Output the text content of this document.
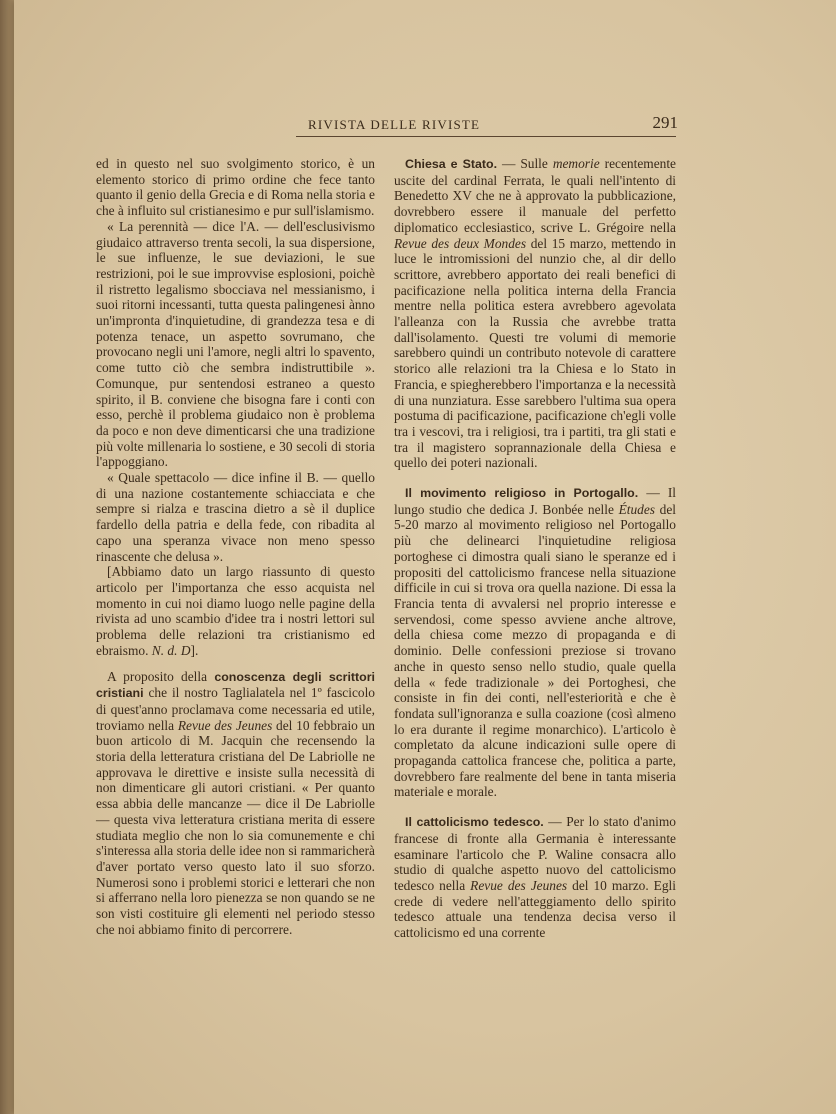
RIVISTA DELLE RIVISTE	291

ed in questo nel suo svolgimento storico, è un elemento storico di primo ordine che fece tanto quanto il genio della Grecia e di Roma nella storia e che à influito sul cristianesimo e pur sull'islamismo.

« La perennità — dice l'A. — dell'esclusivismo giudaico attraverso trenta secoli, la sua dispersione, le sue influenze, le sue deviazioni, le sue restrizioni, poi le sue improvvise esplosioni, poichè il ristretto legalismo sbocciava nel messianismo, i suoi ritorni incessanti, tutta questa palingenesi ànno un'impronta d'inquietudine, di grandezza tesa e di potenza tenace, un aspetto sovrumano, che provocano negli uni l'amore, negli altri lo spavento, come tutto ciò che sembra indistruttibile ». Comunque, pur sentendosi estraneo a questo spirito, il B. conviene che bisogna fare i conti con esso, perchè il problema giudaico non è problema da poco e non deve dimenticarsi che una tradizione più volte millenaria lo sostiene, e 30 secoli di storia l'appoggiano.

« Quale spettacolo — dice infine il B. — quello di una nazione costantemente schiacciata e che sempre si rialza e trascina dietro a sè il duplice fardello della patria e della fede, con ribadita al capo una speranza vivace non meno spesso rinascente che delusa ».

[Abbiamo dato un largo riassunto di questo articolo per l'importanza che esso acquista nel momento in cui noi diamo luogo nelle pagine della rivista ad uno scambio d'idee tra i nostri lettori sul problema delle relazioni tra cristianismo ed ebraismo. N. d. D].

A proposito della conoscenza degli scrittori cristiani che il nostro Taglialatela nel 1º fascicolo di quest'anno proclamava come necessaria ed utile, troviamo nella Revue des Jeunes del 10 febbraio un buon articolo di M. Jacquin che recensendo la storia della letteratura cristiana del De Labriolle ne approvava le direttive e insiste sulla necessità di non dimenticare gli autori cristiani. « Per quanto essa abbia delle mancanze — dice il De Labriolle — questa viva letteratura cristiana merita di essere studiata meglio che non lo sia comunemente e chi s'interessa alla storia delle idee non si rammaricherà d'aver portato verso questo lato il suo sforzo. Numerosi sono i problemi storici e letterari che non si afferrano nella loro pienezza se non quando se ne son visti costituire gli elementi nel periodo stesso che noi abbiamo finito di percorrere.

Chiesa e Stato. — Sulle memorie recentemente uscite del cardinal Ferrata, le quali nell'intento di Benedetto XV che ne à approvato la pubblicazione, dovrebbero essere il manuale del perfetto diplomatico ecclesiastico, scrive L. Grégoire nella Revue des deux Mondes del 15 marzo, mettendo in luce le intromissioni del nunzio che, al dir dello scrittore, avrebbero apportato dei reali benefici di pacificazione nella politica interna della Francia mentre nella politica estera avrebbero agevolata l'alleanza con la Russia che avrebbe tratta dall'isolamento. Questi tre volumi di memorie sarebbero quindi un contributo notevole di carattere storico alle relazioni tra la Chiesa e lo Stato in Francia, e spiegherebbero l'importanza e la necessità di una nunziatura. Esse sarebbero l'ultima sua opera postuma di pacificazione, pacificazione ch'egli volle tra i vescovi, tra i religiosi, tra i partiti, tra gli stati e tra il magistero soprannazionale della Chiesa e quello dei poteri nazionali.

Il movimento religioso in Portogallo. — Il lungo studio che dedica J. Bonbée nelle Études del 5-20 marzo al movimento religioso nel Portogallo più che delinearci l'inquietudine religiosa portoghese ci dimostra quali siano le speranze ed i propositi del cattolicismo francese nella situazione difficile in cui si trova ora quella nazione. Di essa la Francia tenta di avvalersi nel proprio interesse e servendosi, come spesso avviene anche altrove, della chiesa come mezzo di propaganda e di dominio. Delle confessioni preziose si trovano anche in questo senso nello studio, quale quella della « fede tradizionale » dei Portoghesi, che consiste in fin dei conti, nell'esteriorità e che è fondata sull'ignoranza e sulla coazione (così almeno lo era durante il regime monarchico). L'articolo è completato da alcune indicazioni sulle opere di propaganda cattolica francese che, politica a parte, dovrebbero fare realmente del bene in tanta miseria materiale e morale.

Il cattolicismo tedesco. — Per lo stato d'animo francese di fronte alla Germania è interessante esaminare l'articolo che P. Waline consacra allo studio di qualche aspetto nuovo del cattolicismo tedesco nella Revue des Jeunes del 10 marzo. Egli crede di vedere nell'atteggiamento dello spirito tedesco attuale una tendenza decisa verso il cattolicismo ed una corrente
